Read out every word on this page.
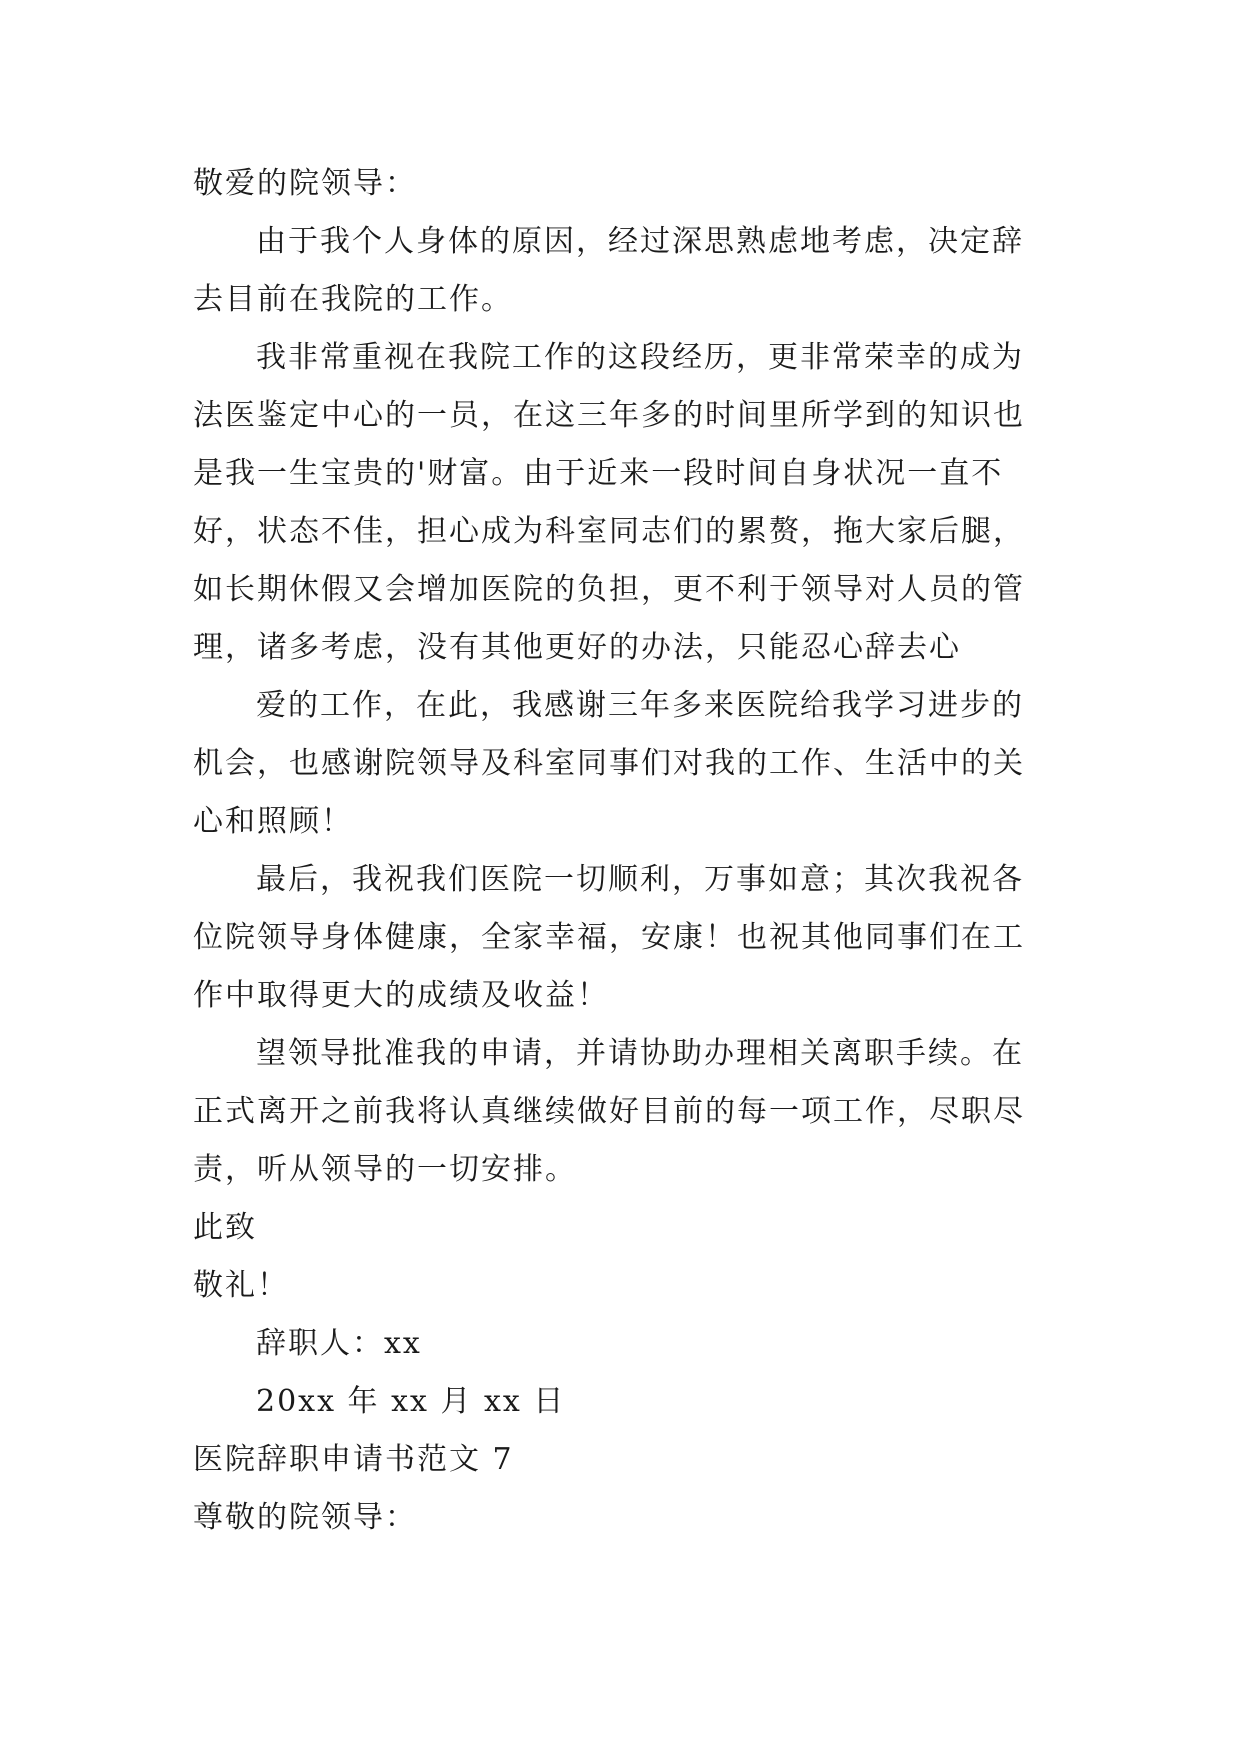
敬爱的院领导：
由于我个人身体的原因，经过深思熟虑地考虑，决定辞
去目前在我院的工作。
我非常重视在我院工作的这段经历，更非常荣幸的成为
法医鉴定中心的一员，在这三年多的时间里所学到的知识也
是我一生宝贵的'财富。由于近来一段时间自身状况一直不
好，状态不佳，担心成为科室同志们的累赘，拖大家后腿，
如长期休假又会增加医院的负担，更不利于领导对人员的管
理，诸多考虑，没有其他更好的办法，只能忍心辞去心
爱的工作，在此，我感谢三年多来医院给我学习进步的
机会，也感谢院领导及科室同事们对我的工作、生活中的关
心和照顾！
最后，我祝我们医院一切顺利，万事如意；其次我祝各
位院领导身体健康，全家幸福，安康！也祝其他同事们在工
作中取得更大的成绩及收益！
望领导批准我的申请，并请协助办理相关离职手续。在
正式离开之前我将认真继续做好目前的每一项工作，尽职尽
责，听从领导的一切安排。
此致
敬礼！
辞职人：xx
20xx 年 xx 月 xx 日
医院辞职申请书范文 7
尊敬的院领导：
